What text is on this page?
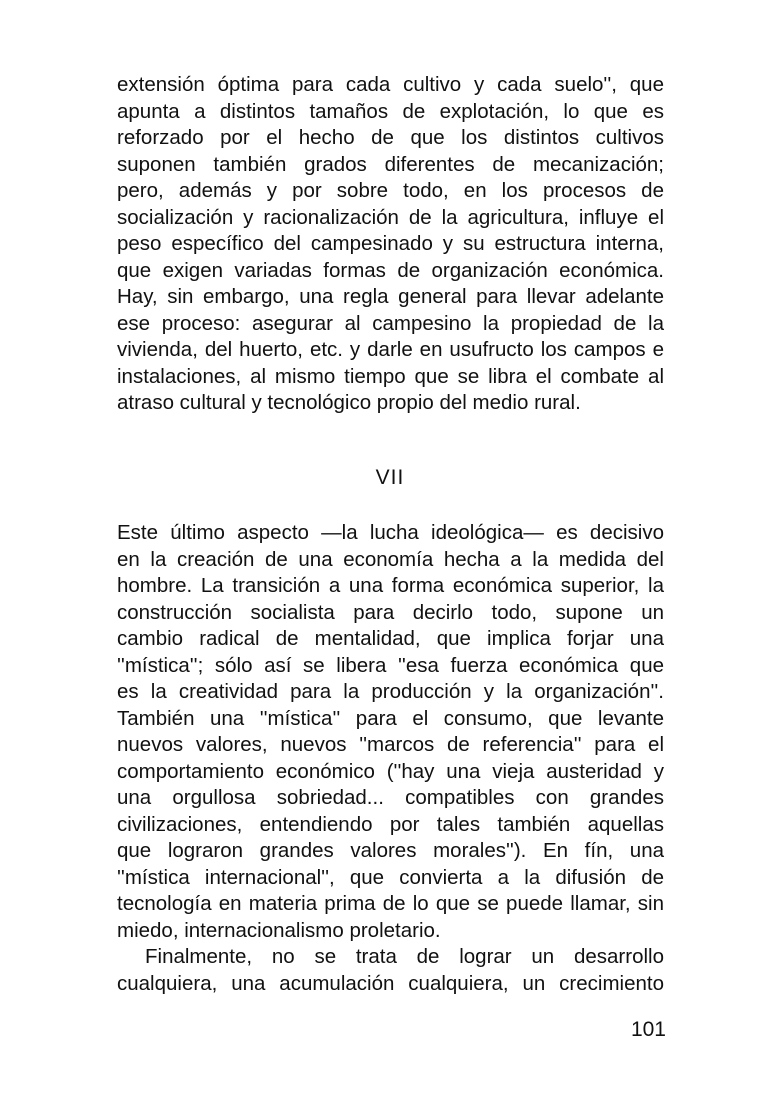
extensión óptima para cada cultivo y cada suelo'', que
apunta a distintos tamaños de explotación, lo que es
reforzado por el hecho de que los distintos cultivos
suponen también grados diferentes de mecanización;
pero, además y por sobre todo, en los procesos de
socialización y racionalización de la agricultura, influye el
peso específico del campesinado y su estructura interna,
que exigen variadas formas de organización económica.
Hay, sin embargo, una regla general para llevar adelante
ese proceso: asegurar al campesino la propiedad de la
vivienda, del huerto, etc. y darle en usufructo los campos e
instalaciones, al mismo tiempo que se libra el combate al
atraso cultural y tecnológico propio del medio rural.
VII
Este último aspecto —la lucha ideológica— es decisivo
en la creación de una economía hecha a la medida del
hombre. La transición a una forma económica superior, la
construcción socialista para decirlo todo, supone un
cambio radical de mentalidad, que implica forjar una
''mística''; sólo así se libera ''esa fuerza económica que
es la creatividad para la producción y la organización''.
También una ''mística'' para el consumo, que levante
nuevos valores, nuevos ''marcos de referencia'' para el
comportamiento económico (''hay una vieja austeridad y
una orgullosa sobriedad... compatibles con grandes
civilizaciones, entendiendo por tales también aquellas
que lograron grandes valores morales''). En fín, una
''mística internacional'', que convierta a la difusión de
tecnología en materia prima de lo que se puede llamar, sin
miedo, internacionalismo proletario.
Finalmente, no se trata de lograr un desarrollo
cualquiera, una acumulación cualquiera, un crecimiento

101
